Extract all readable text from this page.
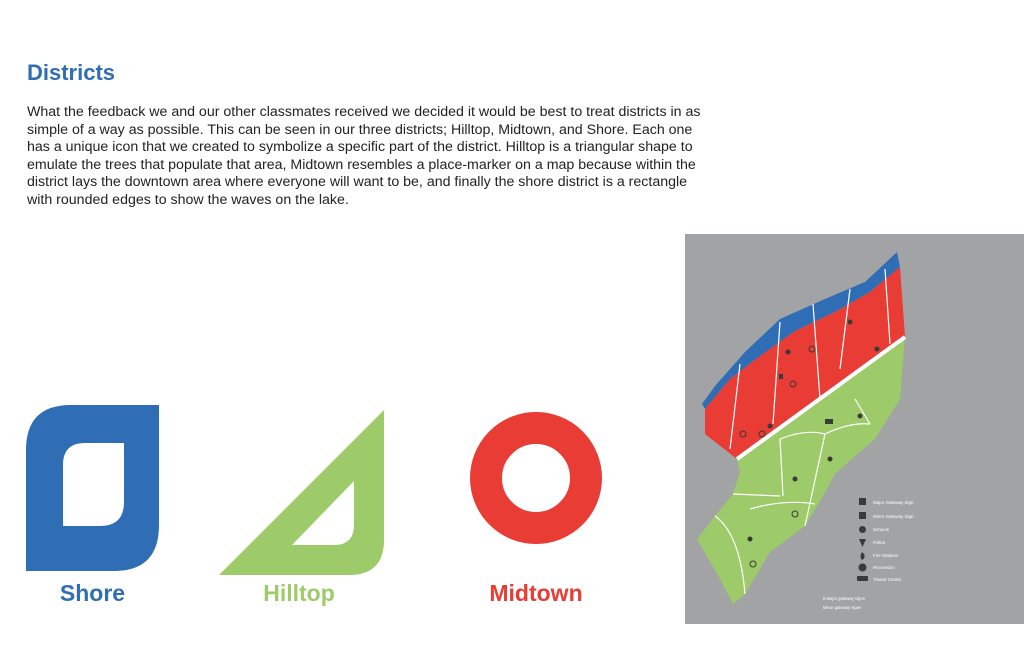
Districts

What the feedback we and our other classmates received we decided it would be best to treat districts in as simple of a way as possible. This can be seen in our three districts; Hilltop, Midtown, and Shore. Each one has a unique icon that we created to symbolize a specific part of the district. Hilltop is a triangular shape to emulate the trees that populate that area, Midtown resembles a place-marker on a map because within the district lays the downtown area where everyone will want to be, and finally the shore district is a rectangle with rounded edges to show the waves on the lake.

Shore	Hilltop	Midtown
Major Gateway Sign
Minor Gateway Sign
Schools
Police
Fire Stations
Recreation
Transit Center
8 Major gateway signs
Minor gateway signs
